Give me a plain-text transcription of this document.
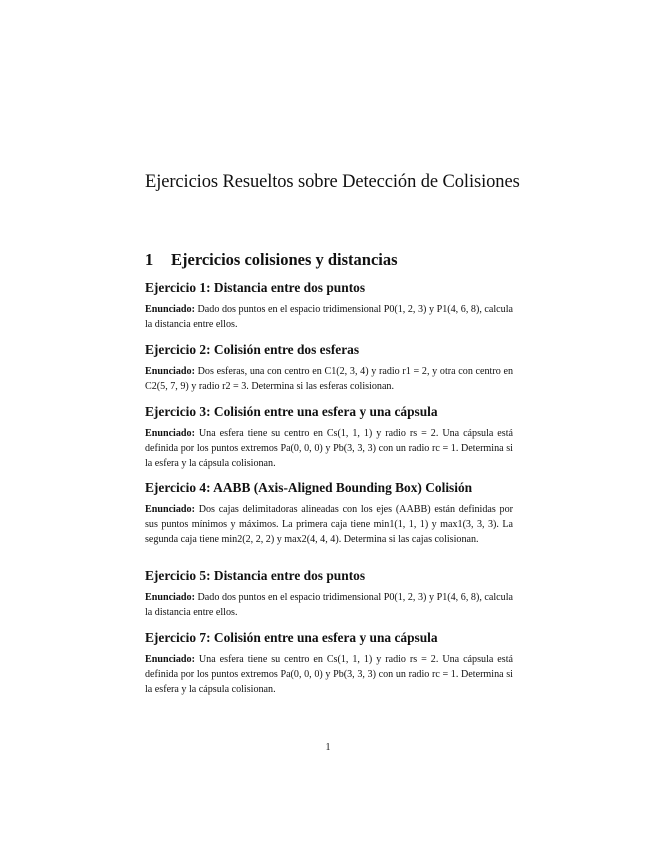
Ejercicios Resueltos sobre Detección de Colisiones
1 Ejercicios colisiones y distancias
Ejercicio 1: Distancia entre dos puntos

Enunciado: Dado dos puntos en el espacio tridimensional P0(1, 2, 3) y P1(4, 6, 8), calcula la distancia entre ellos.

Ejercicio 2: Colisión entre dos esferas

Enunciado: Dos esferas, una con centro en C1(2, 3, 4) y radio r1 = 2, y otra con centro en C2(5, 7, 9) y radio r2 = 3. Determina si las esferas colisionan.

Ejercicio 3: Colisión entre una esfera y una cápsula

Enunciado: Una esfera tiene su centro en Cs(1, 1, 1) y radio rs = 2. Una cápsula está definida por los puntos extremos Pa(0, 0, 0) y Pb(3, 3, 3) con un radio rc = 1. Determina si la esfera y la cápsula colisionan.

Ejercicio 4: AABB (Axis-Aligned Bounding Box) Colisión

Enunciado: Dos cajas delimitadoras alineadas con los ejes (AABB) están definidas por sus puntos mínimos y máximos. La primera caja tiene min1(1, 1, 1) y max1(3, 3, 3). La segunda caja tiene min2(2, 2, 2) y max2(4, 4, 4). Determina si las cajas colisionan.

Ejercicio 5: Distancia entre dos puntos

Enunciado: Dado dos puntos en el espacio tridimensional P0(1, 2, 3) y P1(4, 6, 8), calcula la distancia entre ellos.

Ejercicio 7: Colisión entre una esfera y una cápsula

Enunciado: Una esfera tiene su centro en Cs(1, 1, 1) y radio rs = 2. Una cápsula está definida por los puntos extremos Pa(0, 0, 0) y Pb(3, 3, 3) con un radio rc = 1. Determina si la esfera y la cápsula colisionan.

1
